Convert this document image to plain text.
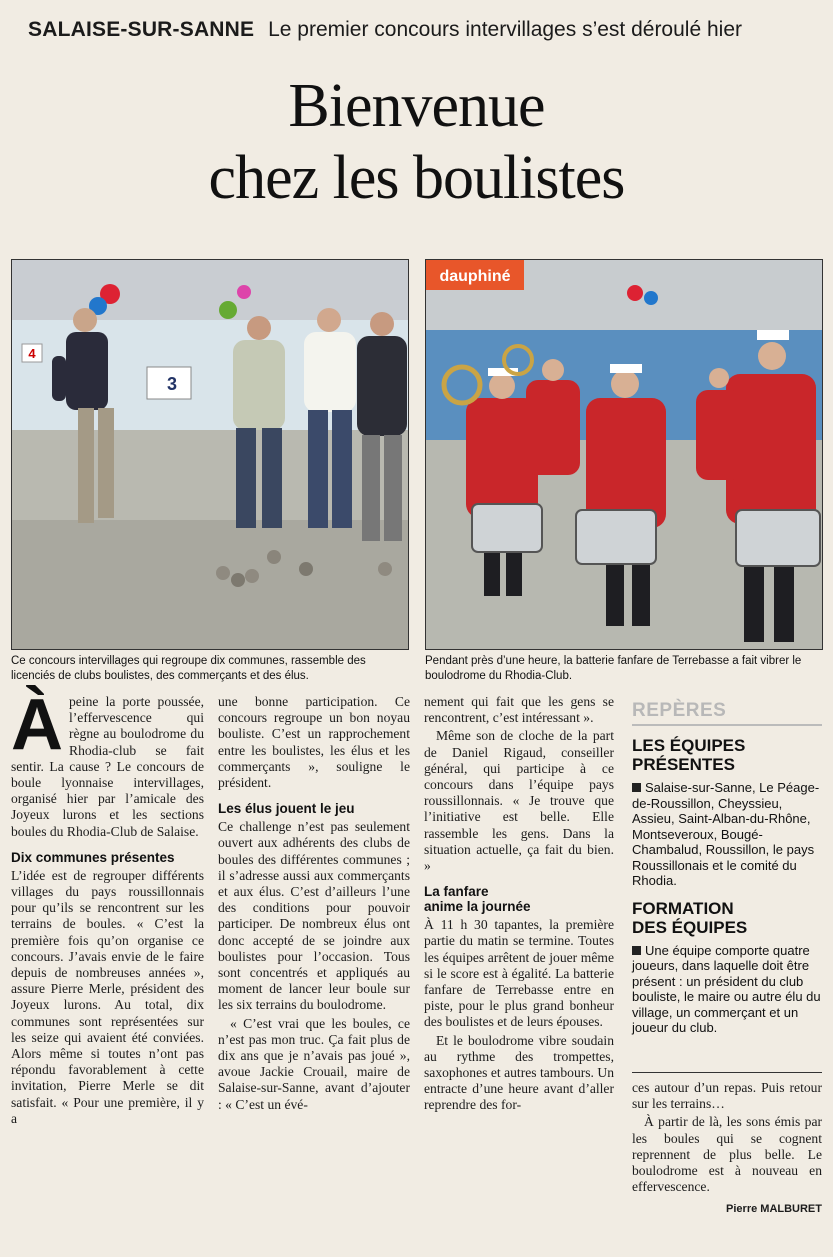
SALAISE-SUR-SANNE Le premier concours intervillages s’est déroulé hier
Bienvenue
chez les boulistes
4
3
dauphiné
Ce concours intervillages qui regroupe dix communes, rassemble des licenciés de clubs boulistes, des commerçants et des élus.
Pendant près d’une heure, la batterie fanfare de Terrebasse a fait vibrer le boulodrome du Rhodia-Club.

Àpeine la porte poussée, l’effervescence qui règne au boulodrome du Rhodia-club se fait sentir. La cause ? Le concours de boule lyonnaise intervillages, organisé hier par l’amicale des Joyeux lurons et les sections boules du Rhodia-Club de Salaise.

Dix communes présentes

L’idée est de regrouper différents villages du pays roussillonnais pour qu’ils se rencontrent sur les terrains de boules. « C’est la première fois qu’on organise ce concours. J’avais envie de le faire depuis de nombreuses années », assure Pierre Merle, président des Joyeux lurons. Au total, dix communes sont représentées sur les seize qui avaient été conviées. Alors même si toutes n’ont pas répondu favorablement à cette invitation, Pierre Merle se dit satisfait. « Pour une première, il y a

une bonne participation. Ce concours regroupe un bon noyau bouliste. C’est un rapprochement entre les boulistes, les élus et les commerçants », souligne le président.

Les élus jouent le jeu

Ce challenge n’est pas seulement ouvert aux adhérents des clubs de boules des différentes communes ; il s’adresse aussi aux commerçants et aux élus. C’est d’ailleurs l’une des conditions pour pouvoir participer. De nombreux élus ont donc accepté de se joindre aux boulistes pour l’occasion. Tous sont concentrés et appliqués au moment de lancer leur boule sur les six terrains du boulodrome.

« C’est vrai que les boules, ce n’est pas mon truc. Ça fait plus de dix ans que je n’avais pas joué », avoue Jackie Crouail, maire de Salaise-sur-Sanne, avant d’ajouter : « C’est un évé-

nement qui fait que les gens se rencontrent, c’est intéressant ».

Même son de cloche de la part de Daniel Rigaud, conseiller général, qui participe à ce concours dans l’équipe pays roussillonnais. « Je trouve que l’initiative est belle. Elle rassemble les gens. Dans la situation actuelle, ça fait du bien. »

La fanfare
anime la journée

À 11 h 30 tapantes, la première partie du matin se termine. Toutes les équipes arrêtent de jouer même si le score est à égalité. La batterie fanfare de Terrebasse entre en piste, pour le plus grand bonheur des boulistes et de leurs épouses.

Et le boulodrome vibre soudain au rythme des trompettes, saxophones et autres tambours. Un entracte d’une heure avant d’aller reprendre des for-

REPÈRES
LES ÉQUIPES
PRÉSENTES
Salaise-sur-Sanne, Le Péage-de-Roussillon, Cheyssieu, Assieu, Saint-Alban-du-Rhône, Montseveroux, Bougé-Chambalud, Roussillon, le pays Roussillonais et le comité du Rhodia.
FORMATION
DES ÉQUIPES
Une équipe comporte quatre joueurs, dans laquelle doit être présent : un président du club bouliste, le maire ou autre élu du village, un commerçant et un joueur du club.

ces autour d’un repas. Puis retour sur les terrains…

À partir de là, les sons émis par les boules qui se cognent reprennent de plus belle. Le boulodrome est à nouveau en effervescence.

Pierre MALBURET
